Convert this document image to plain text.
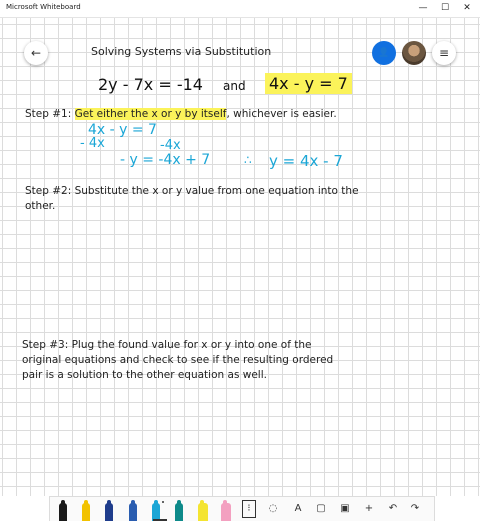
Microsoft Whiteboard	—	☐	✕
←	Solving Systems via Substitution	👤	≡
2y - 7x = -14 and 4x - y = 7
Step #1: Get either the x or y by itself, whichever is easier.
4x - y = 7
- 4x	-4x
- y = -4x + 7	∴ y = 4x - 7
Step #2: Substitute the x or y value from one equation into the other.
Step #3: Plug the found value for x or y into one of the original equations and check to see if the resulting ordered pair is a solution to the other equation as well.
⁝	◌	A	▢	▣	+	↶	↷
